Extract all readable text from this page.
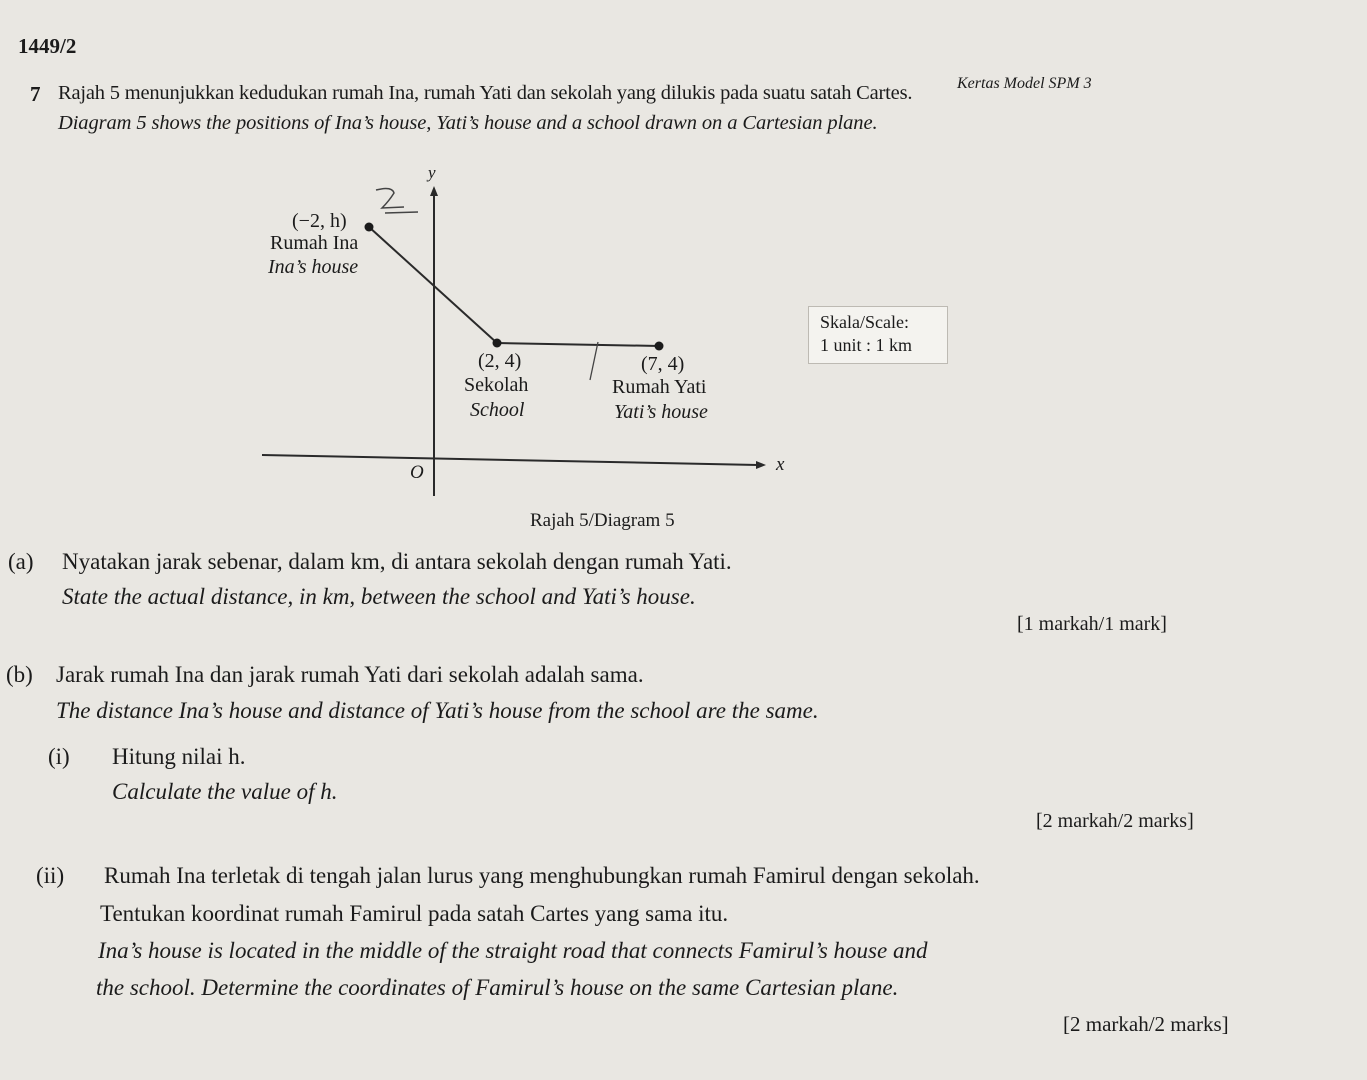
1449/2
Kertas Model SPM 3
7 Rajah 5 menunjukkan kedudukan rumah Ina, rumah Yati dan sekolah yang dilukis pada suatu satah Cartes.
Diagram 5 shows the positions of Ina’s house, Yati’s house and a school drawn on a Cartesian plane.
(−2, h)
Rumah Ina
Ina’s house
y
x
O
(2, 4)
Sekolah
School
(7, 4)
Rumah Yati
Yati’s house
Skala/Scale:
1 unit : 1 km
Rajah 5/Diagram 5
(a) Nyatakan jarak sebenar, dalam km, di antara sekolah dengan rumah Yati.
State the actual distance, in km, between the school and Yati’s house.
[1 markah/1 mark]
(b) Jarak rumah Ina dan jarak rumah Yati dari sekolah adalah sama.
The distance Ina’s house and distance of Yati’s house from the school are the same.
(i) Hitung nilai h.
Calculate the value of h.
[2 markah/2 marks]
(ii) Rumah Ina terletak di tengah jalan lurus yang menghubungkan rumah Famirul dengan sekolah.
Tentukan koordinat rumah Famirul pada satah Cartes yang sama itu.
Ina’s house is located in the middle of the straight road that connects Famirul’s house and
the school. Determine the coordinates of Famirul’s house on the same Cartesian plane.
[2 markah/2 marks]
